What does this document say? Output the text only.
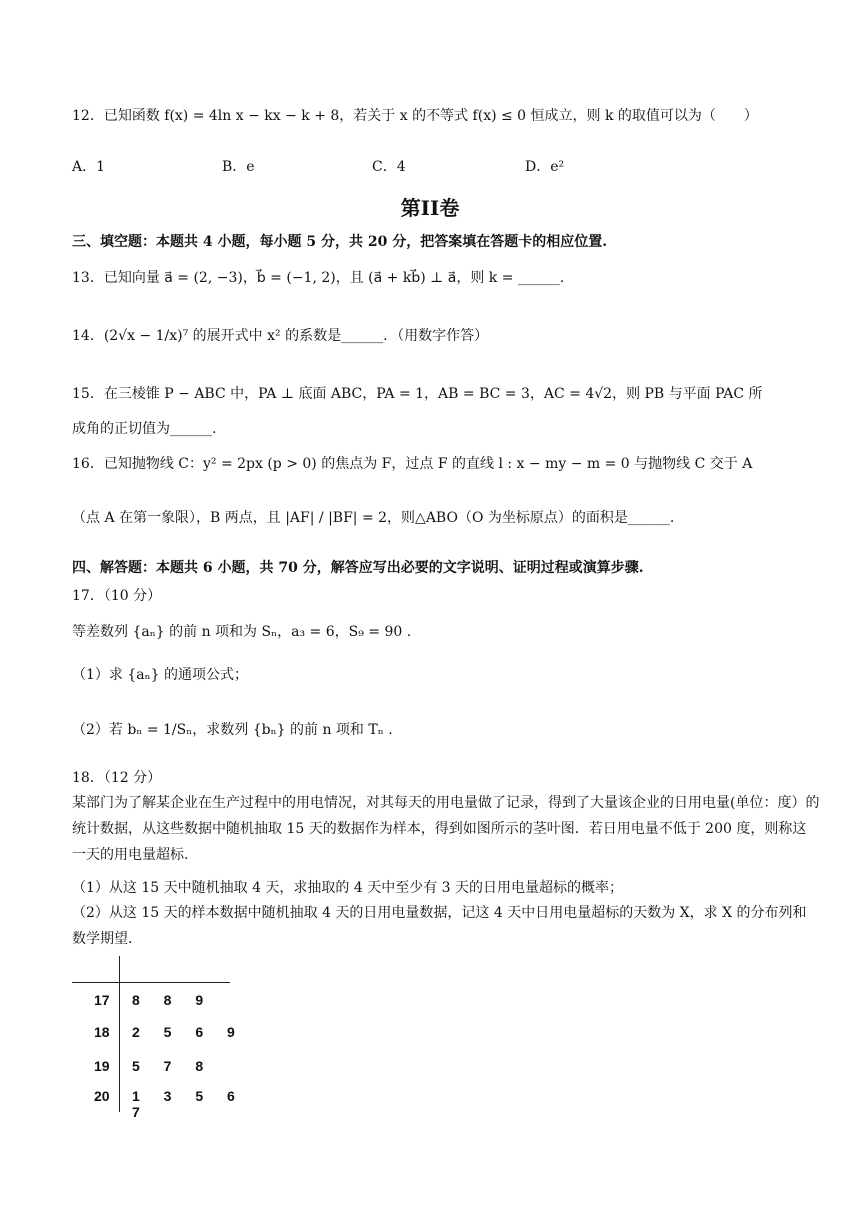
12．已知函数 f(x) = 4ln x − kx − k + 8，若关于 x 的不等式 f(x) ≤ 0 恒成立，则 k 的取值可以为（　　）
A．1	B．e	C．4	D．e²
第II卷
三、填空题：本题共 4 小题，每小题 5 分，共 20 分，把答案填在答题卡的相应位置.
13．已知向量 a⃗ = (2, −3)，b⃗ = (−1, 2)，且 (a⃗ + kb⃗) ⊥ a⃗，则 k = ______.
14．(2√x − 1/x)⁷ 的展开式中 x² 的系数是______．（用数字作答）
15．在三棱锥 P − ABC 中，PA ⊥ 底面 ABC，PA = 1，AB = BC = 3，AC = 4√2，则 PB 与平面 PAC 所
成角的正切值为______.
16．已知抛物线 C：y² = 2px (p > 0) 的焦点为 F，过点 F 的直线 l : x − my − m = 0 与抛物线 C 交于 A
（点 A 在第一象限），B 两点，且 |AF| / |BF| = 2，则△ABO（O 为坐标原点）的面积是______.
四、解答题：本题共 6 小题，共 70 分，解答应写出必要的文字说明、证明过程或演算步骤.
17．（10 分）
等差数列 {aₙ} 的前 n 项和为 Sₙ，a₃ = 6，S₉ = 90 .
（1）求 {aₙ} 的通项公式；
（2）若 bₙ = 1/Sₙ，求数列 {bₙ} 的前 n 项和 Tₙ .
18．（12 分）
某部门为了解某企业在生产过程中的用电情况，对其每天的用电量做了记录，得到了大量该企业的日用电量(单位：度）的统计数据，从这些数据中随机抽取 15 天的数据作为样本，得到如图所示的茎叶图．若日用电量不低于 200 度，则称这一天的用电量超标.
（1）从这 15 天中随机抽取 4 天，求抽取的 4 天中至少有 3 天的日用电量超标的概率；
（2）从这 15 天的样本数据中随机抽取 4 天的日用电量数据，记这 4 天中日用电量超标的天数为 X，求 X 的分布列和数学期望.
17 8 8 9
18 2 5 6 9
19 5 7 8
20 1 3 5 6 7
